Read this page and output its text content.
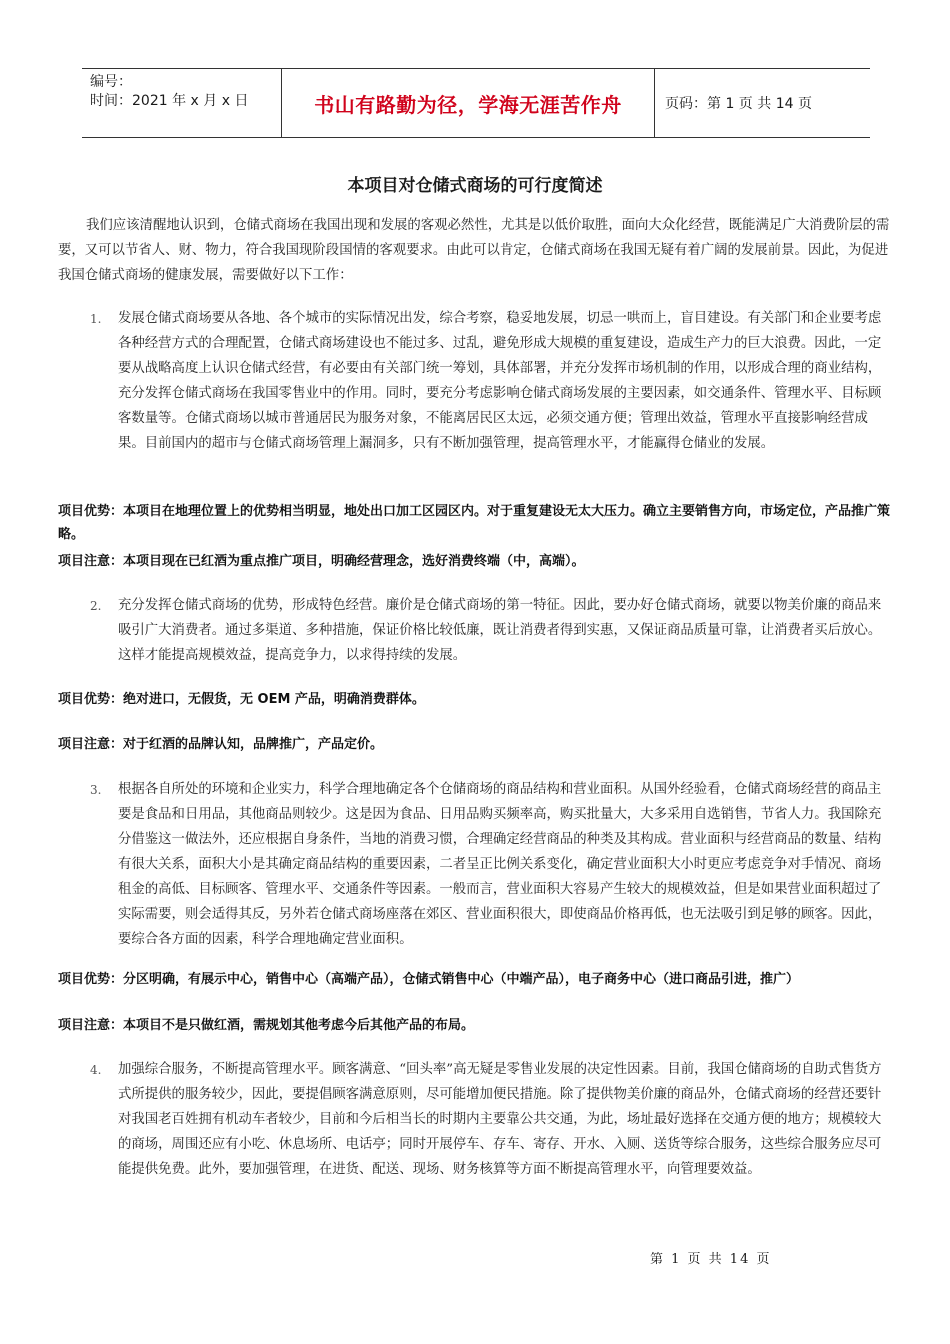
编号：
时间：2021 年 x 月 x 日	书山有路勤为径，学海无涯苦作舟	页码：第 1 页 共 14 页
本项目对仓储式商场的可行度简述

我们应该清醒地认识到，仓储式商场在我国出现和发展的客观必然性，尤其是以低价取胜，面向大众化经营，既能满足广大消费阶层的需要，又可以节省人、财、物力，符合我国现阶段国情的客观要求。由此可以肯定，仓储式商场在我国无疑有着广阔的发展前景。因此，为促进我国仓储式商场的健康发展，需要做好以下工作：

1. 发展仓储式商场要从各地、各个城市的实际情况出发，综合考察，稳妥地发展，切忌一哄而上，盲目建设。有关部门和企业要考虑各种经营方式的合理配置，仓储式商场建设也不能过多、过乱，避免形成大规模的重复建设，造成生产力的巨大浪费。因此，一定要从战略高度上认识仓储式经营，有必要由有关部门统一筹划，具体部署，并充分发挥市场机制的作用，以形成合理的商业结构，充分发挥仓储式商场在我国零售业中的作用。同时，要充分考虑影响仓储式商场发展的主要因素，如交通条件、管理水平、目标顾客数量等。仓储式商场以城市普通居民为服务对象，不能离居民区太远，必须交通方便；管理出效益，管理水平直接影响经营成果。目前国内的超市与仓储式商场管理上漏洞多，只有不断加强管理，提高管理水平，才能赢得仓储业的发展。

项目优势：本项目在地理位置上的优势相当明显，地处出口加工区园区内。对于重复建设无太大压力。确立主要销售方向，市场定位，产品推广策略。

项目注意：本项目现在已红酒为重点推广项目，明确经营理念，选好消费终端（中，高端）。

2. 充分发挥仓储式商场的优势，形成特色经营。廉价是仓储式商场的第一特征。因此，要办好仓储式商场，就要以物美价廉的商品来吸引广大消费者。通过多渠道、多种措施，保证价格比较低廉，既让消费者得到实惠，又保证商品质量可靠，让消费者买后放心。这样才能提高规模效益，提高竞争力，以求得持续的发展。

项目优势：绝对进口，无假货，无 OEM 产品，明确消费群体。

项目注意：对于红酒的品牌认知，品牌推广，产品定价。

3. 根据各自所处的环境和企业实力，科学合理地确定各个仓储商场的商品结构和营业面积。从国外经验看，仓储式商场经营的商品主要是食品和日用品，其他商品则较少。这是因为食品、日用品购买频率高，购买批量大，大多采用自选销售，节省人力。我国除充分借鉴这一做法外，还应根据自身条件，当地的消费习惯，合理确定经营商品的种类及其构成。营业面积与经营商品的数量、结构有很大关系，面积大小是其确定商品结构的重要因素，二者呈正比例关系变化，确定营业面积大小时更应考虑竞争对手情况、商场租金的高低、目标顾客、管理水平、交通条件等因素。一般而言，营业面积大容易产生较大的规模效益，但是如果营业面积超过了实际需要，则会适得其反，另外若仓储式商场座落在郊区、营业面积很大，即使商品价格再低，也无法吸引到足够的顾客。因此，要综合各方面的因素，科学合理地确定营业面积。

项目优势：分区明确，有展示中心，销售中心（高端产品），仓储式销售中心（中端产品），电子商务中心（进口商品引进，推广）

项目注意：本项目不是只做红酒，需规划其他考虑今后其他产品的布局。

4. 加强综合服务，不断提高管理水平。顾客满意、“回头率”高无疑是零售业发展的决定性因素。目前，我国仓储商场的自助式售货方式所提供的服务较少，因此，要提倡顾客满意原则，尽可能增加便民措施。除了提供物美价廉的商品外，仓储式商场的经营还要针对我国老百姓拥有机动车者较少，目前和今后相当长的时期内主要靠公共交通，为此，场址最好选择在交通方便的地方；规模较大的商场，周围还应有小吃、休息场所、电话亭；同时开展停车、存车、寄存、开水、入厕、送货等综合服务，这些综合服务应尽可能提供免费。此外，要加强管理，在进货、配送、现场、财务核算等方面不断提高管理水平，向管理要效益。

第 1 页 共 14 页
